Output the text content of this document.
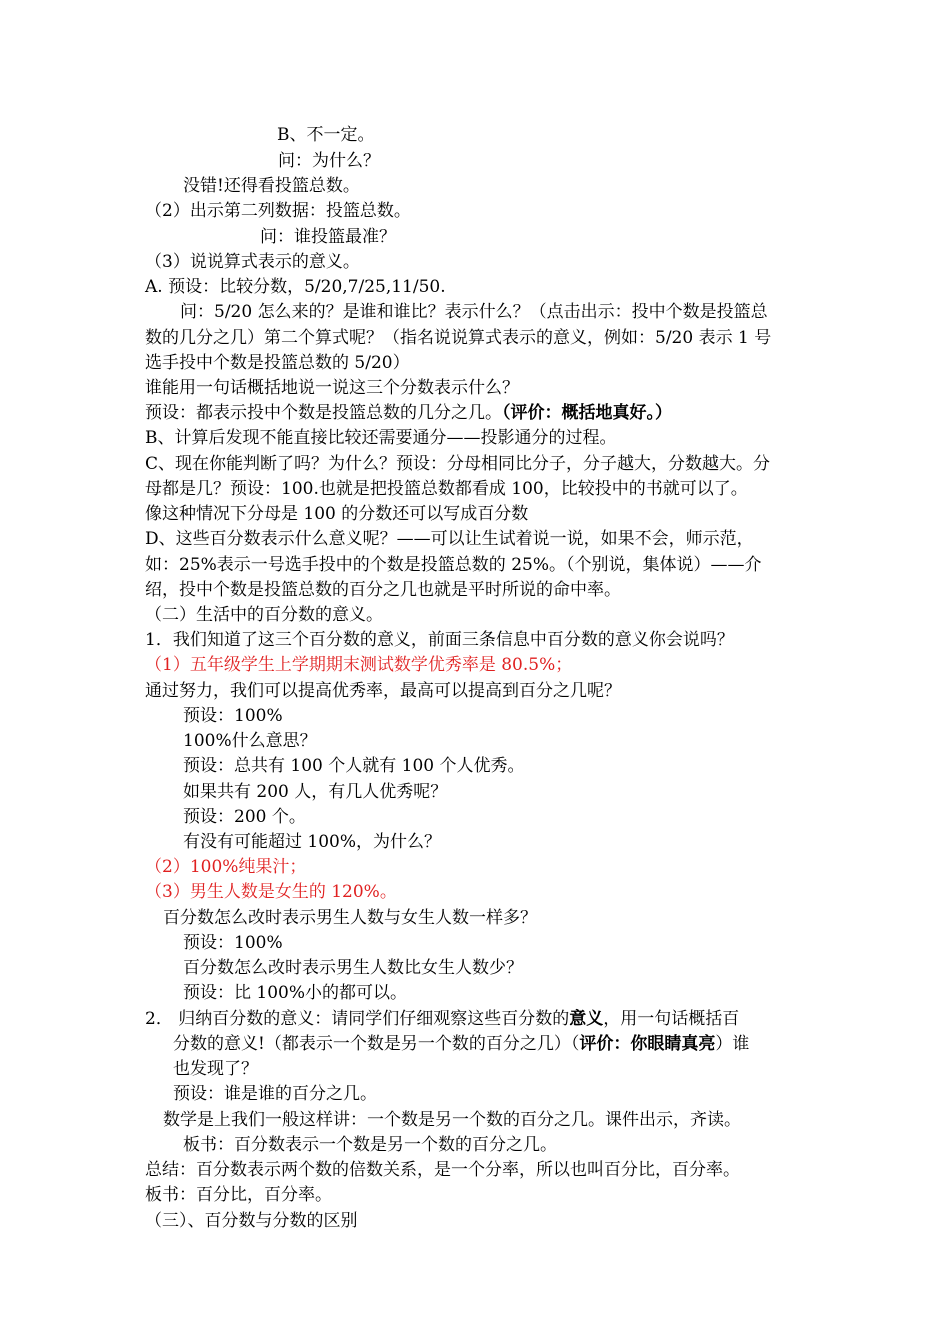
B、不一定。
问：为什么？
没错!还得看投篮总数。
（2）出示第二列数据：投篮总数。
问：谁投篮最准？
（3）说说算式表示的意义。
A. 预设：比较分数，5/20,7/25,11/50.
问：5/20 怎么来的？是谁和谁比？表示什么？（点击出示：投中个数是投篮总
数的几分之几）第二个算式呢？（指名说说算式表示的意义，例如：5/20 表示 1 号
选手投中个数是投篮总数的 5/20）
谁能用一句话概括地说一说这三个分数表示什么？
预设：都表示投中个数是投篮总数的几分之几。（评价：概括地真好。）
B、计算后发现不能直接比较还需要通分——投影通分的过程。
C、现在你能判断了吗？为什么？预设：分母相同比分子，分子越大，分数越大。分
母都是几？预设：100.也就是把投篮总数都看成 100，比较投中的书就可以了。
像这种情况下分母是 100 的分数还可以写成百分数
D、这些百分数表示什么意义呢？——可以让生试着说一说，如果不会，师示范，
如：25%表示一号选手投中的个数是投篮总数的 25%。（个别说，集体说）——介
绍，投中个数是投篮总数的百分之几也就是平时所说的命中率。
（二）生活中的百分数的意义。
1．我们知道了这三个百分数的意义，前面三条信息中百分数的意义你会说吗？
（1）五年级学生上学期期末测试数学优秀率是 80.5%；
通过努力，我们可以提高优秀率，最高可以提高到百分之几呢？
预设：100%
100%什么意思？
预设：总共有 100 个人就有 100 个人优秀。
如果共有 200 人，有几人优秀呢？
预设：200 个。
有没有可能超过 100%，为什么？
（2）100%纯果汁；
（3）男生人数是女生的 120%。
百分数怎么改时表示男生人数与女生人数一样多？
预设：100%
百分数怎么改时表示男生人数比女生人数少？
预设：比 100%小的都可以。
2． 归纳百分数的意义：请同学们仔细观察这些百分数的意义，用一句话概括百
分数的意义!（都表示一个数是另一个数的百分之几）（评价：你眼睛真亮）谁
也发现了？
预设：谁是谁的百分之几。
数学是上我们一般这样讲：一个数是另一个数的百分之几。课件出示，齐读。
板书：百分数表示一个数是另一个数的百分之几。
总结：百分数表示两个数的倍数关系，是一个分率，所以也叫百分比，百分率。
板书：百分比，百分率。
（三）、百分数与分数的区别
